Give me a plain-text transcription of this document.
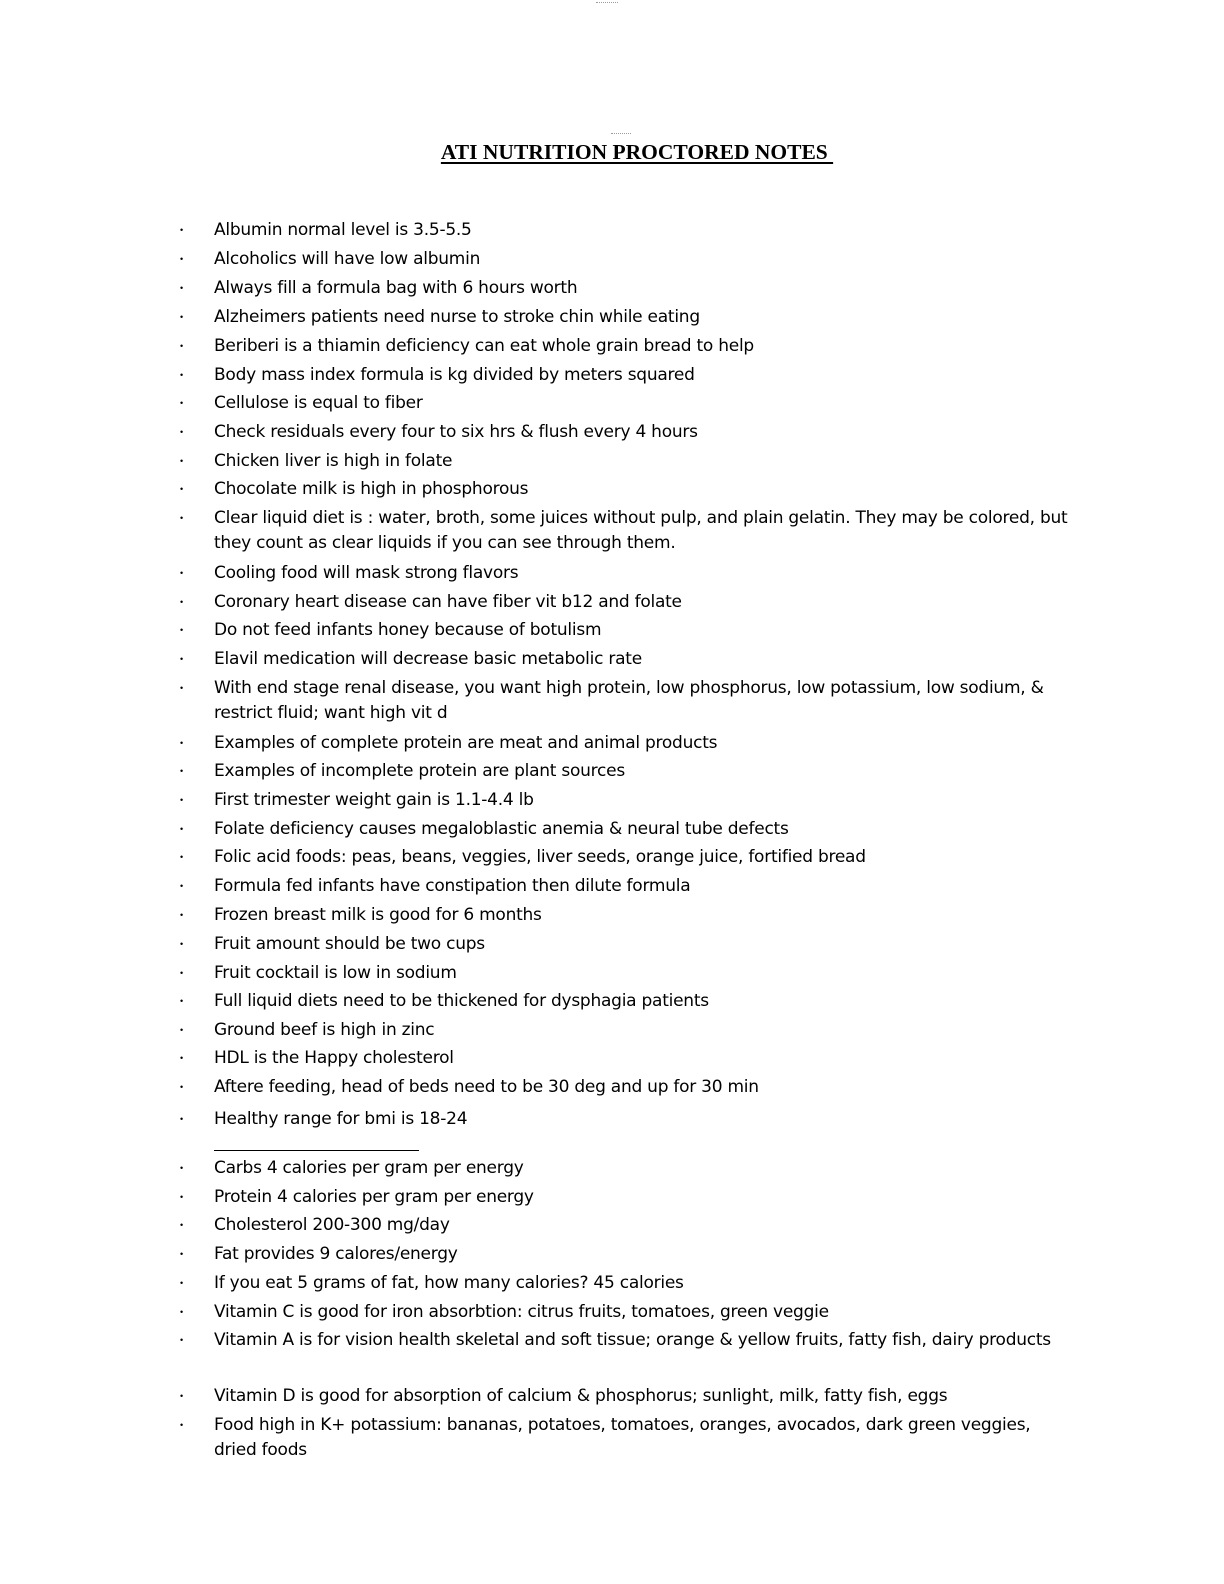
ATI NUTRITION PROCTORED NOTES
• Albumin normal level is 3.5-5.5
• Alcoholics will have low albumin
• Always fill a formula bag with 6 hours worth
• Alzheimers patients need nurse to stroke chin while eating
• Beriberi is a thiamin deficiency can eat whole grain bread to help
• Body mass index formula is kg divided by meters squared
• Cellulose is equal to fiber
• Check residuals every four to six hrs & flush every 4 hours
• Chicken liver is high in folate
• Chocolate milk is high in phosphorous
• Clear liquid diet is : water, broth, some juices without pulp, and plain gelatin. They may be colored, but they count as clear liquids if you can see through them.
• Cooling food will mask strong flavors
• Coronary heart disease can have fiber vit b12 and folate
• Do not feed infants honey because of botulism
• Elavil medication will decrease basic metabolic rate
• With end stage renal disease, you want high protein, low phosphorus, low potassium, low sodium, & restrict fluid; want high vit d
• Examples of complete protein are meat and animal products
• Examples of incomplete protein are plant sources
• First trimester weight gain is 1.1-4.4 lb
• Folate deficiency causes megaloblastic anemia & neural tube defects
• Folic acid foods: peas, beans, veggies, liver seeds, orange juice, fortified bread
• Formula fed infants have constipation then dilute formula
• Frozen breast milk is good for 6 months
• Fruit amount should be two cups
• Fruit cocktail is low in sodium
• Full liquid diets need to be thickened for dysphagia patients
• Ground beef is high in zinc
• HDL is the Happy cholesterol
• Aftere feeding, head of beds need to be 30 deg and up for 30 min
• Healthy range for bmi is 18-24
• Carbs 4 calories per gram per energy
• Protein 4 calories per gram per energy
• Cholesterol 200-300 mg/day
• Fat provides 9 calores/energy
• If you eat 5 grams of fat, how many calories? 45 calories
• Vitamin C is good for iron absorbtion: citrus fruits, tomatoes, green veggie
• Vitamin A is for vision health skeletal and soft tissue; orange & yellow fruits, fatty fish, dairy products
• Vitamin D is good for absorption of calcium & phosphorus; sunlight, milk, fatty fish, eggs
• Food high in K+ potassium: bananas, potatoes, tomatoes, oranges, avocados, dark green veggies, dried foods
